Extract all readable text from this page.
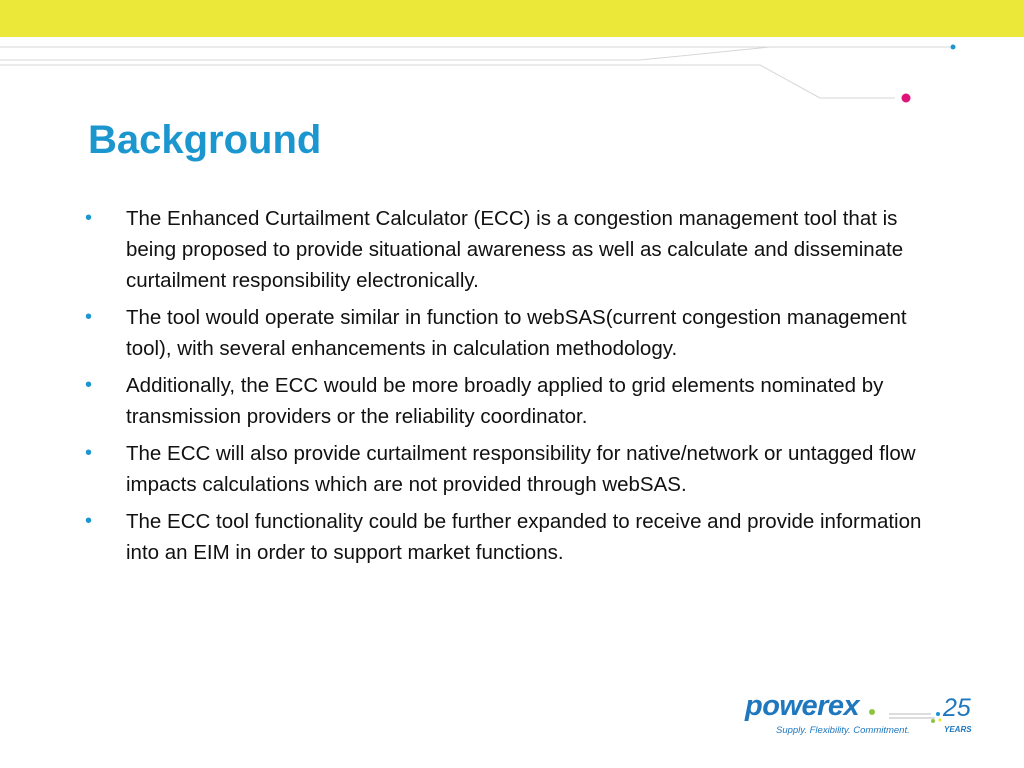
Background
• The Enhanced Curtailment Calculator (ECC) is a congestion management tool that is being proposed to provide situational awareness as well as calculate and disseminate curtailment responsibility electronically.
• The tool would operate similar in function to webSAS(current congestion management tool), with several enhancements in calculation methodology.
• Additionally, the ECC would be more broadly applied to grid elements nominated by transmission providers or the reliability coordinator.
• The ECC will also provide curtailment responsibility for native/network or untagged flow impacts calculations which are not provided through webSAS.
• The ECC tool functionality could be further expanded to receive and provide information into an EIM in order to support market functions.
powerex
Supply. Flexibility. Commitment.
25
YEARS
